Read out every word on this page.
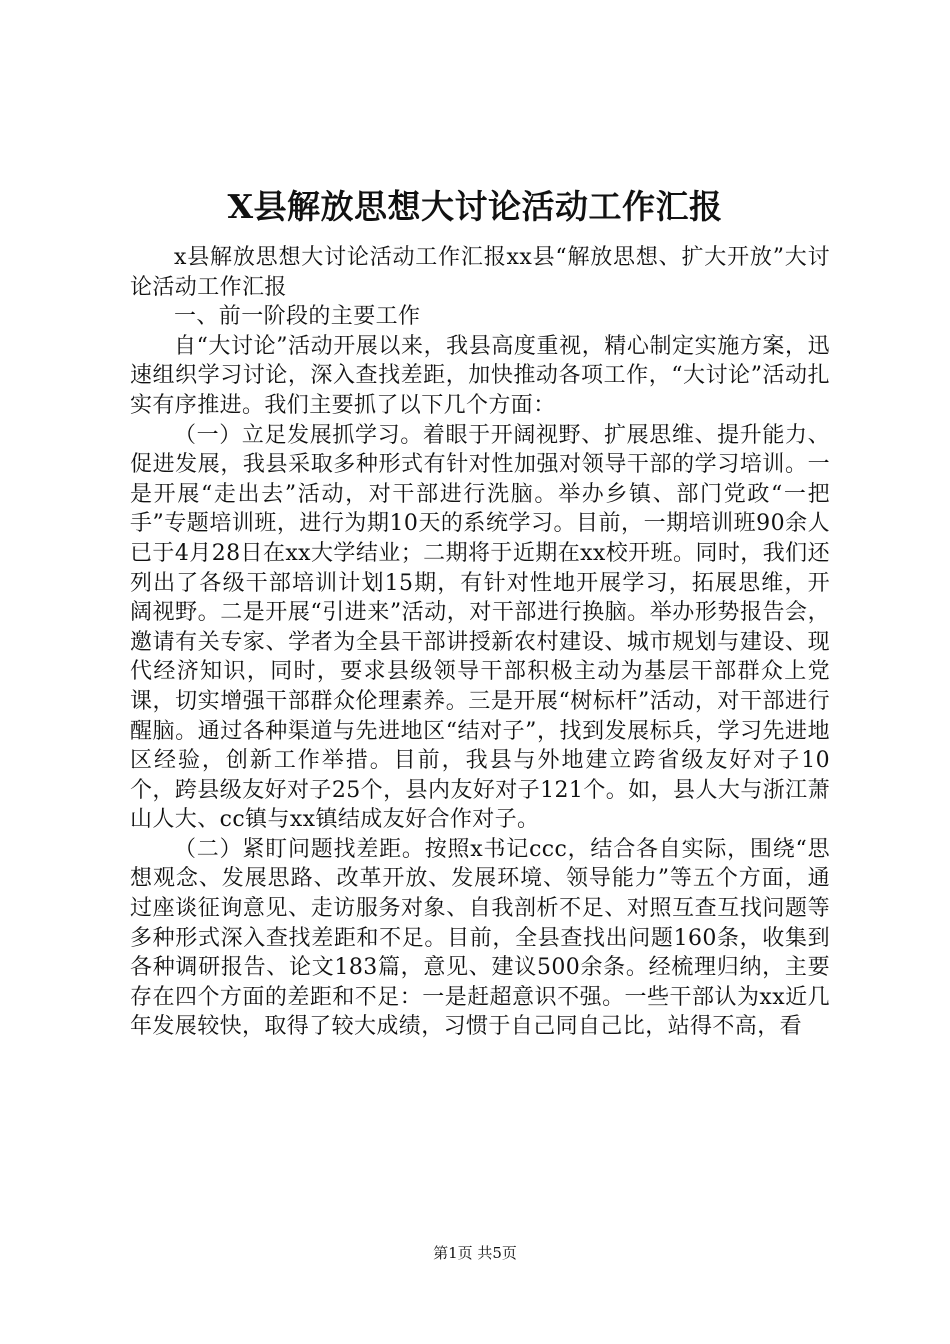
X县解放思想大讨论活动工作汇报

x县解放思想大讨论活动工作汇报xx县“解放思想、扩大开放”大讨论活动工作汇报

一、前一阶段的主要工作

自“大讨论”活动开展以来，我县高度重视，精心制定实施方案，迅速组织学习讨论，深入查找差距，加快推动各项工作，“大讨论”活动扎实有序推进。我们主要抓了以下几个方面：

（一）立足发展抓学习。着眼于开阔视野、扩展思维、提升能力、促进发展，我县采取多种形式有针对性加强对领导干部的学习培训。一是开展“走出去”活动，对干部进行洗脑。举办乡镇、部门党政“一把手”专题培训班，进行为期10天的系统学习。目前，一期培训班90余人已于4月28日在xx大学结业；二期将于近期在xx校开班。同时，我们还列出了各级干部培训计划15期，有针对性地开展学习，拓展思维，开阔视野。二是开展“引进来”活动，对干部进行换脑。举办形势报告会，邀请有关专家、学者为全县干部讲授新农村建设、城市规划与建设、现代经济知识，同时，要求县级领导干部积极主动为基层干部群众上党课，切实增强干部群众伦理素养。三是开展“树标杆”活动，对干部进行醒脑。通过各种渠道与先进地区“结对子”，找到发展标兵，学习先进地区经验，创新工作举措。目前，我县与外地建立跨省级友好对子10个，跨县级友好对子25个，县内友好对子121个。如，县人大与浙江萧山人大、cc镇与xx镇结成友好合作对子。

（二）紧盯问题找差距。按照x书记ccc，结合各自实际，围绕“思想观念、发展思路、改革开放、发展环境、领导能力”等五个方面，通过座谈征询意见、走访服务对象、自我剖析不足、对照互查互找问题等多种形式深入查找差距和不足。目前，全县查找出问题160条，收集到各种调研报告、论文183篇，意见、建议500余条。经梳理归纳，主要存在四个方面的差距和不足：一是赶超意识不强。一些干部认为xx近几年发展较快，取得了较大成绩，习惯于自己同自己比，站得不高，看

第1页 共5页
